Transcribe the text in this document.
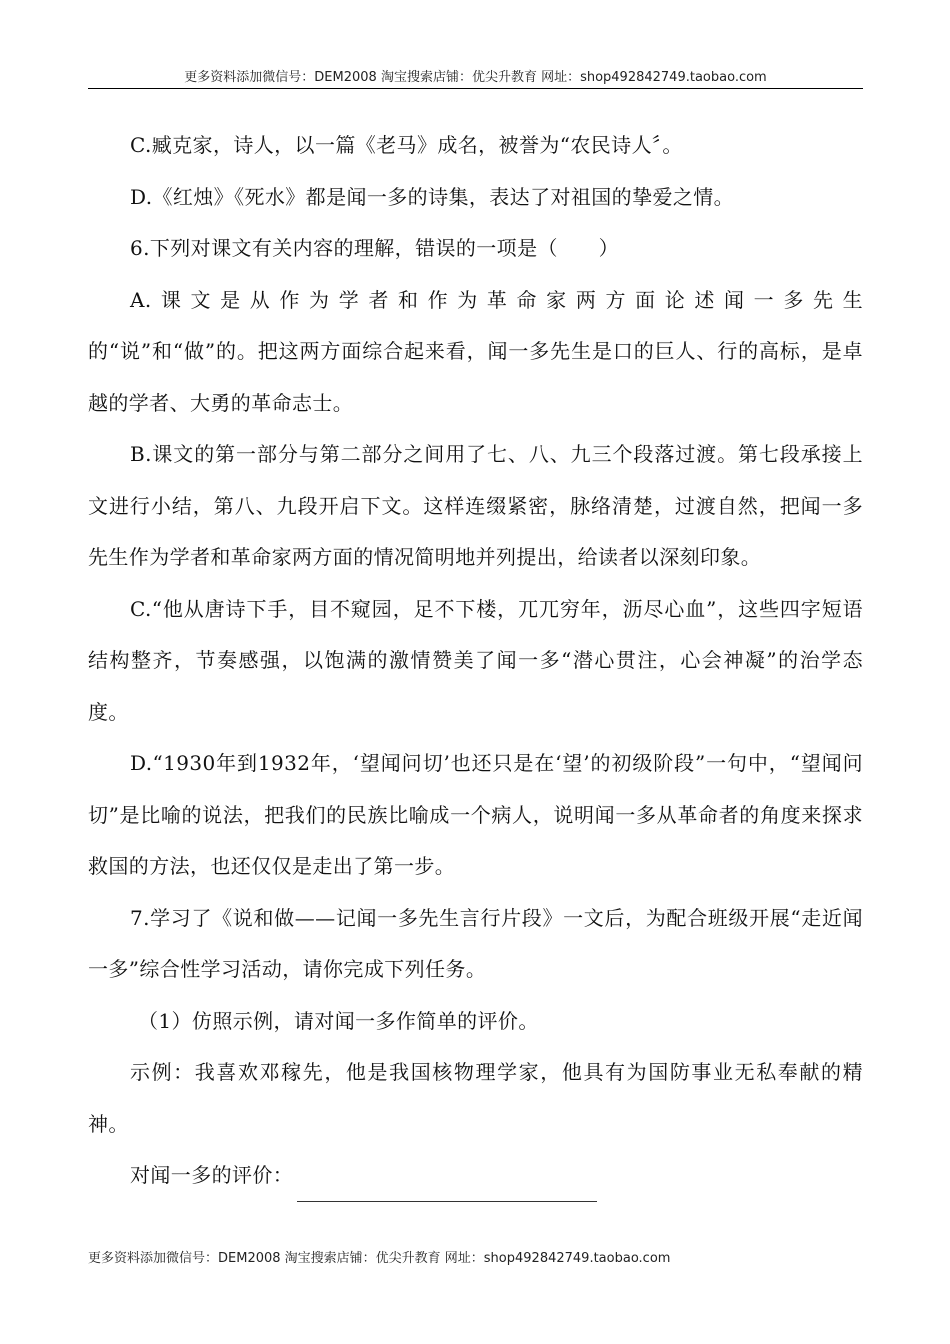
更多资料添加微信号：DEM2008 淘宝搜索店铺：优尖升教育 网址：shop492842749.taobao.com

C.臧克家，诗人，以一篇《老马》成名，被誉为“农民诗人〞。

D.《红烛》《死水》都是闻一多的诗集，表达了对祖国的挚爱之情。

6.下列对课文有关内容的理解，错误的一项是（　　）

A.课文是从作为学者和作为革命家两方面论述闻一多先生

的“说”和“做”的。把这两方面综合起来看，闻一多先生是口的巨人、行的高标，是卓越的学者、大勇的革命志士。

B.课文的第一部分与第二部分之间用了七、八、九三个段落过渡。第七段承接上文进行小结，第八、九段开启下文。这样连缀紧密，脉络清楚，过渡自然，把闻一多先生作为学者和革命家两方面的情况简明地并列提出，给读者以深刻印象。

C.“他从唐诗下手，目不窥园，足不下楼，兀兀穷年，沥尽心血”，这些四字短语结构整齐，节奏感强，以饱满的激情赞美了闻一多“潜心贯注，心会神凝”的治学态度。

D.“1930年到1932年，‘望闻问切’也还只是在‘望’的初级阶段”一句中，“望闻问切”是比喻的说法，把我们的民族比喻成一个病人，说明闻一多从革命者的角度来探求救国的方法，也还仅仅是走出了第一步。

7.学习了《说和做——记闻一多先生言行片段》一文后，为配合班级开展“走近闻一多”综合性学习活动，请你完成下列任务。

（1）仿照示例，请对闻一多作简单的评价。

示例：我喜欢邓稼先，他是我国核物理学家，他具有为国防事业无私奉献的精神。

对闻一多的评价：

更多资料添加微信号：DEM2008 淘宝搜索店铺：优尖升教育 网址：shop492842749.taobao.com
